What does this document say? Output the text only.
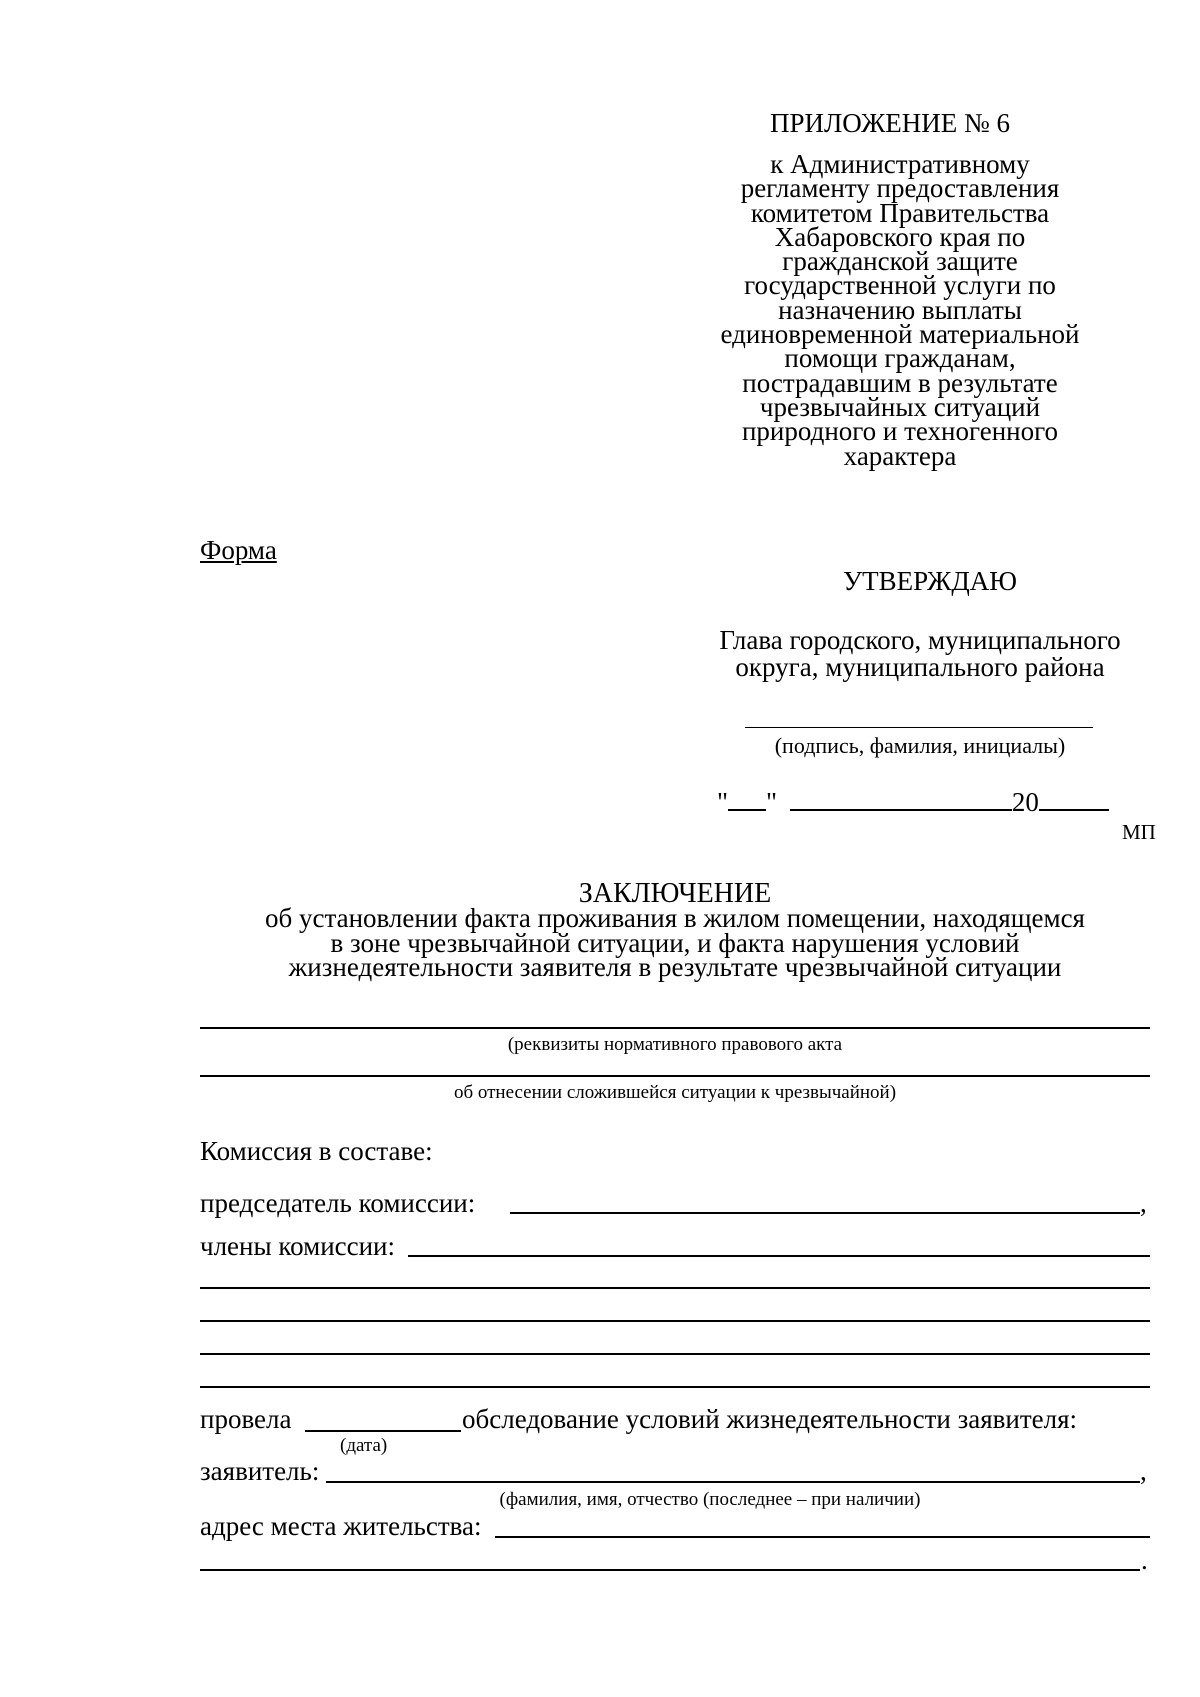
ПРИЛОЖЕНИЕ № 6
к Административному
регламенту предоставления
комитетом Правительства
Хабаровского края по
гражданской защите
государственной услуги по
назначению выплаты
единовременной материальной
помощи гражданам,
пострадавшим в результате
чрезвычайных ситуаций
природного и техногенного
характера
Форма
УТВЕРЖДАЮ
Глава городского, муниципального
округа, муниципального района
(подпись, фамилия, инициалы)
" "	20
МП
ЗАКЛЮЧЕНИЕ
об установлении факта проживания в жилом помещении, находящемся
в зоне чрезвычайной ситуации, и факта нарушения условий
жизнедеятельности заявителя в результате чрезвычайной ситуации
(реквизиты нормативного правового акта
об отнесении сложившейся ситуации к чрезвычайной)
Комиссия в составе:
председатель комиссии:	,
члены комиссии:
провела	обследование условий жизнедеятельности заявителя:
(дата)
заявитель:	,
(фамилия, имя, отчество (последнее – при наличии)
адрес места жительства:
.
